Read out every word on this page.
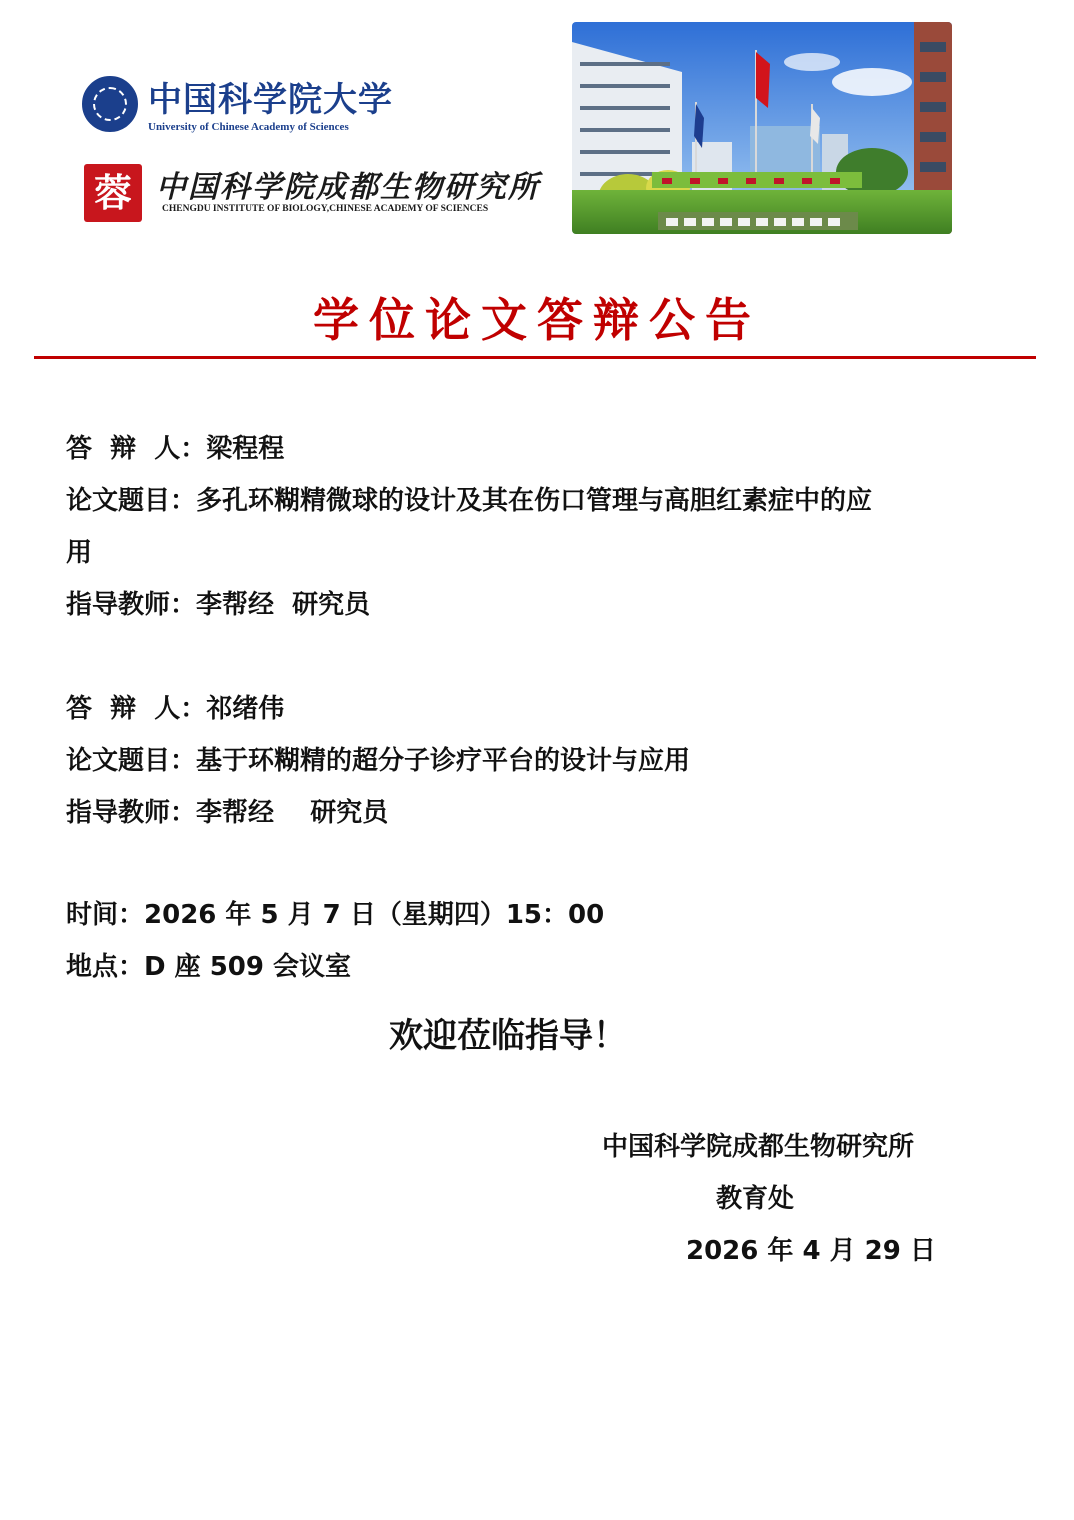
中国科学院大学
University of Chinese Academy of Sciences
蓉 中国科学院成都生物研究所
CHENGDU INSTITUTE OF BIOLOGY,CHINESE ACADEMY OF SCIENCES
学位论文答辩公告
答  辩  人：梁程程
论文题目：多孔环糊精微球的设计及其在伤口管理与高胆红素症中的应
用
指导教师：李帮经  研究员
答  辩  人：祁绪伟
论文题目：基于环糊精的超分子诊疗平台的设计与应用
指导教师：李帮经    研究员
时间：2026 年 5 月 7 日（星期四）15：00
地点：D 座 509 会议室
欢迎莅临指导！
中国科学院成都生物研究所
教育处
2026 年 4 月 29 日
